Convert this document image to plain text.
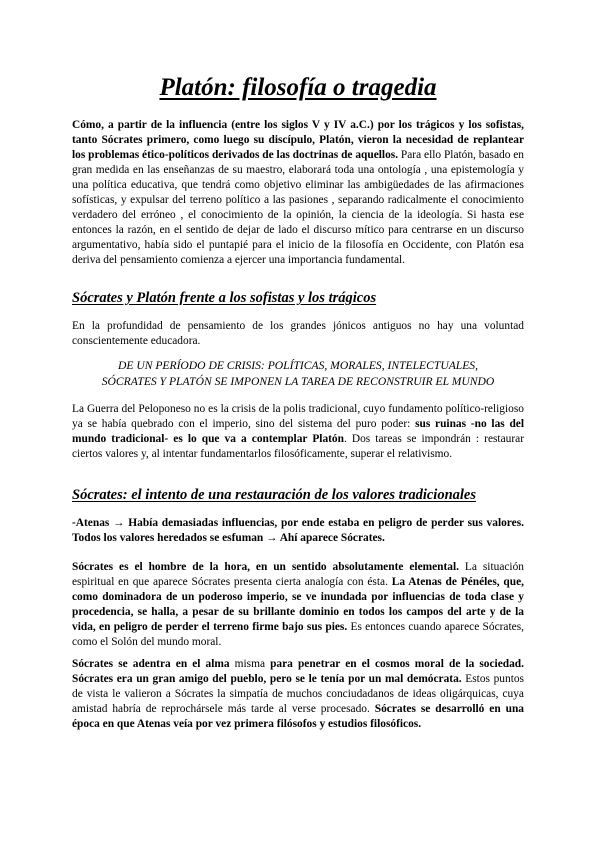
Platón: filosofía o tragedia

Cómo, a partir de la influencia (entre los siglos V y IV a.C.) por los trágicos y los sofistas, tanto Sócrates primero, como luego su discípulo, Platón, vieron la necesidad de replantear los problemas ético-políticos derivados de las doctrinas de aquellos. Para ello Platón, basado en gran medida en las enseñanzas de su maestro, elaborará toda una ontología , una epistemología y una política educativa, que tendrá como objetivo eliminar las ambigüedades de las afirmaciones sofísticas, y expulsar del terreno político a las pasiones , separando radicalmente el conocimiento verdadero del erróneo , el conocimiento de la opinión, la ciencia de la ideología. Si hasta ese entonces la razón, en el sentido de dejar de lado el discurso mítico para centrarse en un discurso argumentativo, había sido el puntapié para el inicio de la filosofía en Occidente, con Platón esa deriva del pensamiento comienza a ejercer una importancia fundamental.

Sócrates y Platón frente a los sofistas y los trágicos

En la profundidad de pensamiento de los grandes jónicos antiguos no hay una voluntad conscientemente educadora.

DE UN PERÍODO DE CRISIS: POLÍTICAS, MORALES, INTELECTUALES,
SÓCRATES Y PLATÓN SE IMPONEN LA TAREA DE RECONSTRUIR EL MUNDO

La Guerra del Peloponeso no es la crisis de la polis tradicional, cuyo fundamento político-religioso ya se había quebrado con el imperio, sino del sistema del puro poder: sus ruinas -no las del mundo tradicional- es lo que va a contemplar Platón. Dos tareas se impondrán : restaurar ciertos valores y, al intentar fundamentarlos filosóficamente, superar el relativismo.

Sócrates: el intento de una restauración de los valores tradicionales

-Atenas → Había demasiadas influencias, por ende estaba en peligro de perder sus valores. Todos los valores heredados se esfuman → Ahí aparece Sócrates.

Sócrates es el hombre de la hora, en un sentido absolutamente elemental. La situación espiritual en que aparece Sócrates presenta cierta analogía con ésta. La Atenas de Pénéles, que, como dominadora de un poderoso imperio, se ve inundada por influencias de toda clase y procedencia, se halla, a pesar de su brillante dominio en todos los campos del arte y de la vida, en peligro de perder el terreno firme bajo sus pies. Es entonces cuando aparece Sócrates, como el Solón del mundo moral.

Sócrates se adentra en el alma misma para penetrar en el cosmos moral de la sociedad. Sócrates era un gran amigo del pueblo, pero se le tenía por un mal demócrata. Estos puntos de vista le valieron a Sócrates la simpatía de muchos conciudadanos de ideas oligárquicas, cuya amistad habría de reprochársele más tarde al verse procesado. Sócrates se desarrolló en una época en que Atenas veía por vez primera filósofos y estudios filosóficos.
